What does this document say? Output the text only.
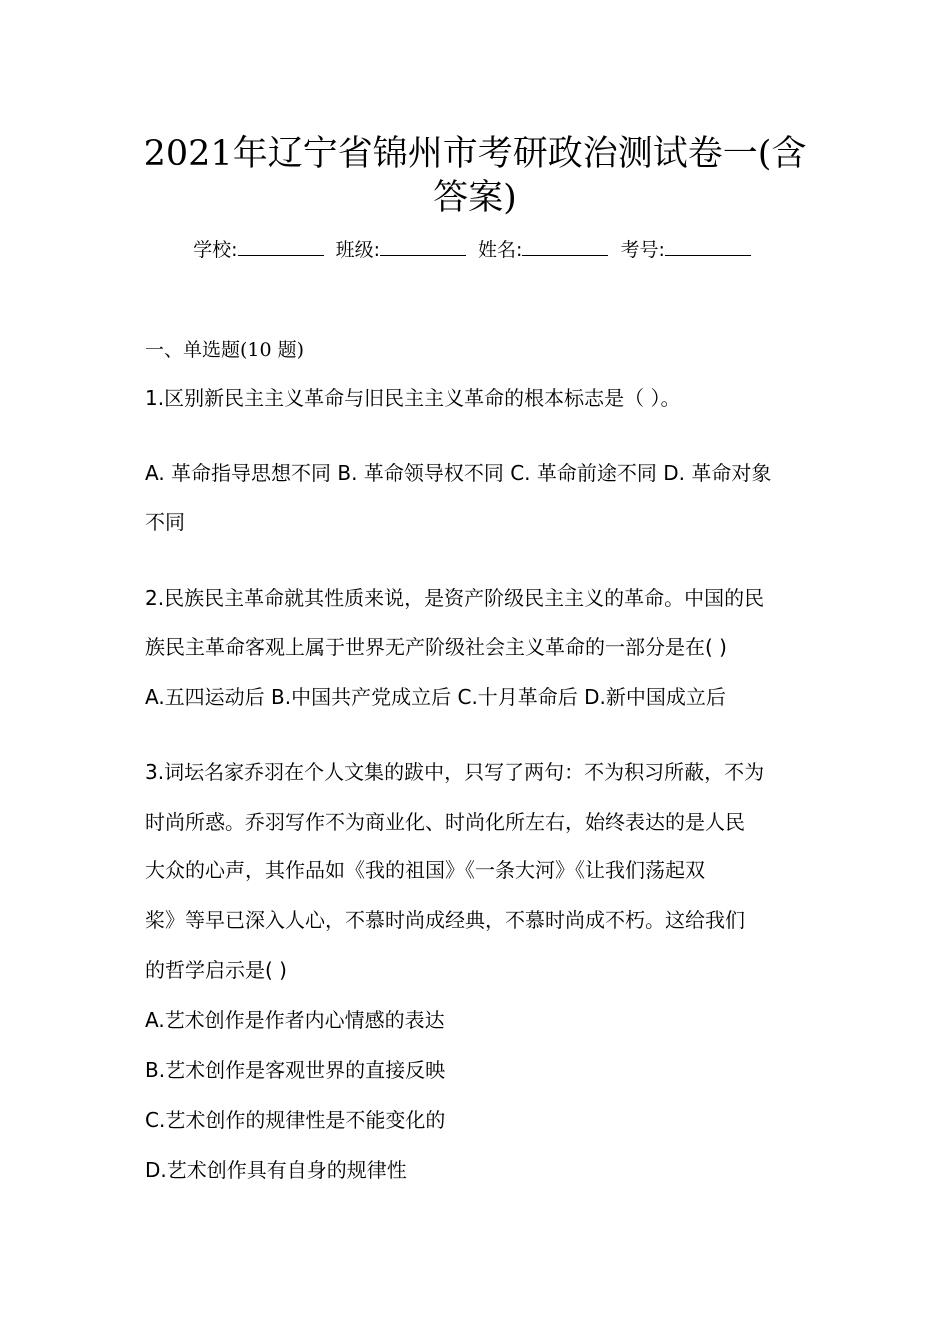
2021年辽宁省锦州市考研政治测试卷一(含
答案)
学校:	班级:	姓名:	考号:
一、单选题(10 题)
1.区别新民主主义革命与旧民主主义革命的根本标志是（ ）。
A. 革命指导思想不同 B. 革命领导权不同 C. 革命前途不同 D. 革命对象
不同
2.民族民主革命就其性质来说，是资产阶级民主主义的革命。中国的民
族民主革命客观上属于世界无产阶级社会主义革命的一部分是在( )
A.五四运动后 B.中国共产党成立后 C.十月革命后 D.新中国成立后
3.词坛名家乔羽在个人文集的跋中，只写了两句：不为积习所蔽，不为
时尚所惑。乔羽写作不为商业化、时尚化所左右，始终表达的是人民
大众的心声，其作品如《我的祖国》《一条大河》《让我们荡起双
桨》等早已深入人心，不慕时尚成经典，不慕时尚成不朽。这给我们
的哲学启示是( )
A.艺术创作是作者内心情感的表达
B.艺术创作是客观世界的直接反映
C.艺术创作的规律性是不能变化的
D.艺术创作具有自身的规律性
